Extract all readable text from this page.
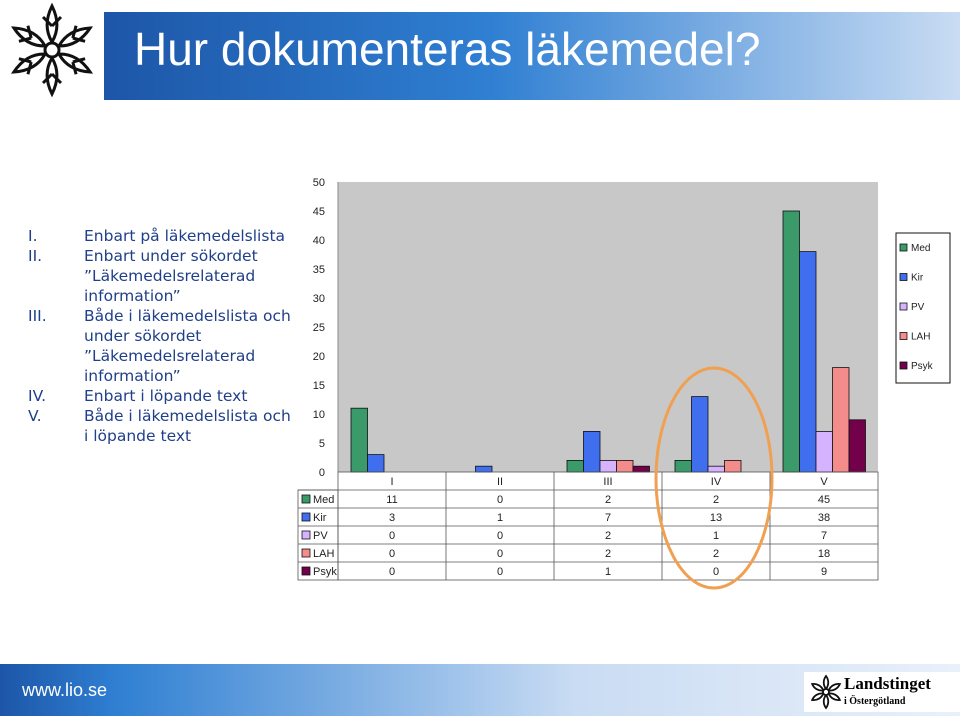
Hur dokumenteras läkemedel?
I.	Enbart på läkemedelslista
II.	Enbart under sökordet ”Läkemedelsrelaterad information”
III. Både i läkemedelslista och under sökordet ”Läkemedelsrelaterad information”
IV. Enbart i löpande text
V.	Både i läkemedelslista och i löpande text
0
5
10
15
20
25
30
35
40
45
50
I	II	III	IV	V
Med	11	0	2	2	45
Kir	3	1	7	13	38
PV	0	0	2	1	7
LAH	0	0	2	2	18
Psyk	0	0	1	0	9
Med
Kir
PV
LAH
Psyk
www.lio.se	Landstinget
i Östergötland
